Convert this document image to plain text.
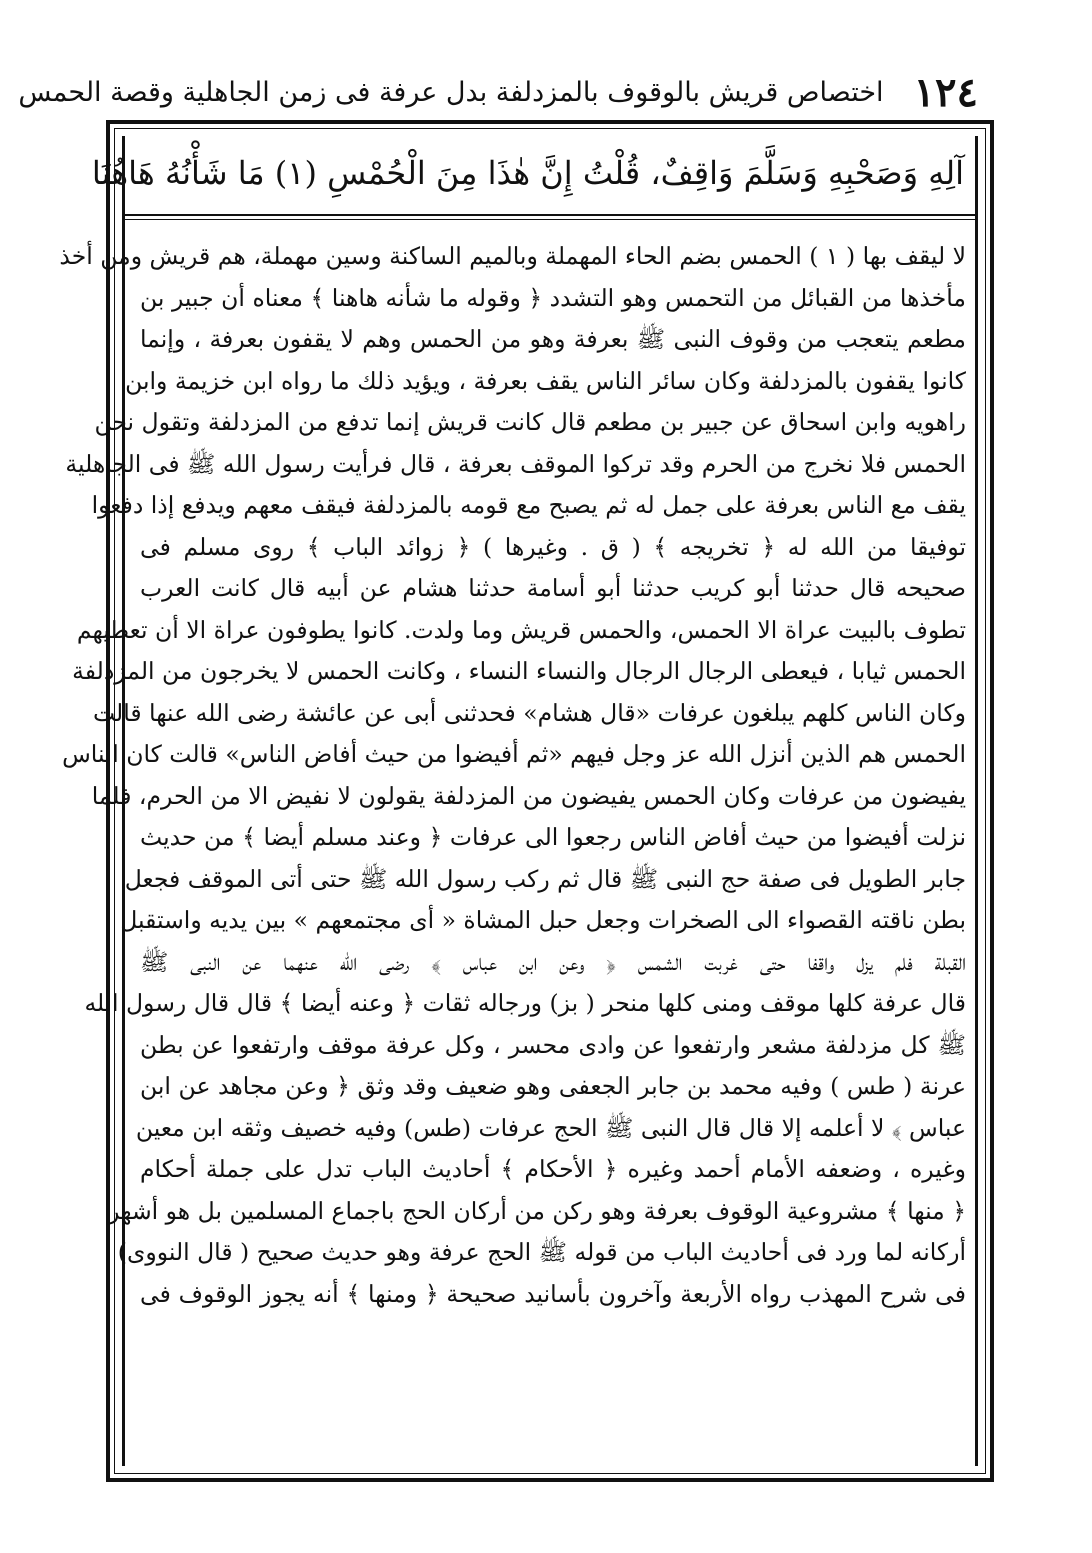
١٢٤
اختصاص قريش بالوقوف بالمزدلفة بدل عرفة فى زمن الجاهلية وقصة الحمس
آلِهِ وَصَحْبِهِ وَسَلَّمَ وَاقِفٌ، قُلْتُ إِنَّ هٰذَا مِنَ الْحُمْسِ (١) مَا شَأْنُهُ هَاهُنَا
لا ليقف بها ( ١ ) الحمس بضم الحاء المهملة وبالميم الساكنة وسين مهملة، هم قريش ومن أخذ
مأخذها من القبائل من التحمس وهو التشدد ﴿ وقوله ما شأنه هاهنا ﴾ معناه أن جبير بن
مطعم يتعجب من وقوف النبى ﷺ بعرفة وهو من الحمس وهم لا يقفون بعرفة ، وإنما
كانوا يقفون بالمزدلفة وكان سائر الناس يقف بعرفة ، ويؤيد ذلك ما رواه ابن خزيمة وابن
راهويه وابن اسحاق عن جبير بن مطعم قال كانت قريش إنما تدفع من المزدلفة وتقول نحن
الحمس فلا نخرج من الحرم وقد تركوا الموقف بعرفة ، قال فرأيت رسول الله ﷺ فى الجاهلية
يقف مع الناس بعرفة على جمل له ثم يصبح مع قومه بالمزدلفة فيقف معهم ويدفع إذا دفعوا
توفيقا من الله له ﴿ تخريجه ﴾ ( ق . وغيرها ) ﴿ زوائد الباب ﴾ روى مسلم فى
صحيحه قال حدثنا أبو كريب حدثنا أبو أسامة حدثنا هشام عن أبيه قال كانت العرب
تطوف بالبيت عراة الا الحمس، والحمس قريش وما ولدت. كانوا يطوفون عراة الا أن تعطيهم
الحمس ثيابا ، فيعطى الرجال الرجال والنساء النساء ، وكانت الحمس لا يخرجون من المزدلفة
وكان الناس كلهم يبلغون عرفات «قال هشام» فحدثنى أبى عن عائشة رضى الله عنها قالت
الحمس هم الذين أنزل الله عز وجل فيهم «ثم أفيضوا من حيث أفاض الناس» قالت كان الناس
يفيضون من عرفات وكان الحمس يفيضون من المزدلفة يقولون لا نفيض الا من الحرم، فلما
نزلت أفيضوا من حيث أفاض الناس رجعوا الى عرفات ﴿ وعند مسلم أيضا ﴾ من حديث
جابر الطويل فى صفة حج النبى ﷺ قال ثم ركب رسول الله ﷺ حتى أتى الموقف فجعل
بطن ناقته القصواء الى الصخرات وجعل حبل المشاة « أى مجتمعهم » بين يديه واستقبل
القبلة فلم يزل واقفا حتى غربت الشمس ﴿ وعن ابن عباس ﴾ رضى الله عنهما عن النبى ﷺ
قال عرفة كلها موقف ومنى كلها منحر ( بز) ورجاله ثقات ﴿ وعنه أيضا ﴾ قال قال رسول الله
ﷺ كل مزدلفة مشعر وارتفعوا عن وادى محسر ، وكل عرفة موقف وارتفعوا عن بطن
عرنة ( طس ) وفيه محمد بن جابر الجعفى وهو ضعيف وقد وثق ﴿ وعن مجاهد عن ابن
عباس ﴾ لا أعلمه إلا قال قال النبى ﷺ الحج عرفات (طس) وفيه خصيف وثقه ابن معين
وغيره ، وضعفه الأمام أحمد وغيره ﴿ الأحكام ﴾ أحاديث الباب تدل على جملة أحكام
﴿ منها ﴾ مشروعية الوقوف بعرفة وهو ركن من أركان الحج باجماع المسلمين بل هو أشهر
أركانه لما ورد فى أحاديث الباب من قوله ﷺ الحج عرفة وهو حديث صحيح ( قال النووى)
فى شرح المهذب رواه الأربعة وآخرون بأسانيد صحيحة ﴿ ومنها ﴾ أنه يجوز الوقوف فى
